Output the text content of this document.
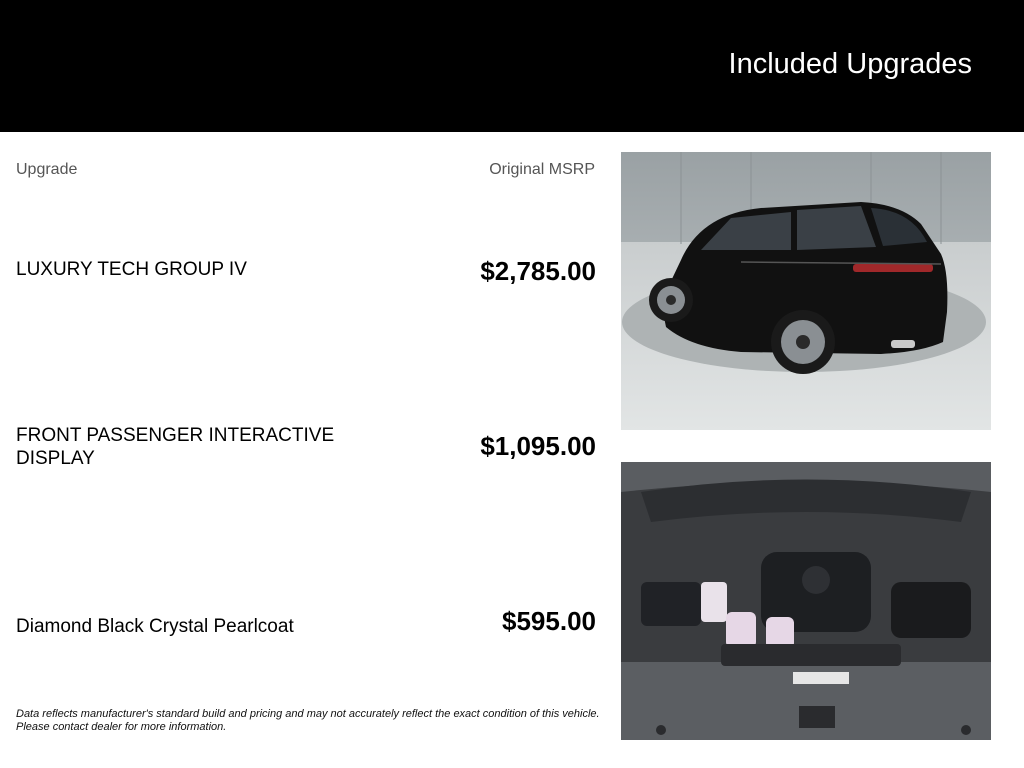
Included Upgrades
Upgrade	Original MSRP
LUXURY TECH GROUP IV	$2,785.00
FRONT PASSENGER INTERACTIVE DISPLAY	$1,095.00
Diamond Black Crystal Pearlcoat	$595.00
Data reflects manufacturer's standard build and pricing and may not accurately reflect the exact condition of this vehicle. Please contact dealer for more information.
